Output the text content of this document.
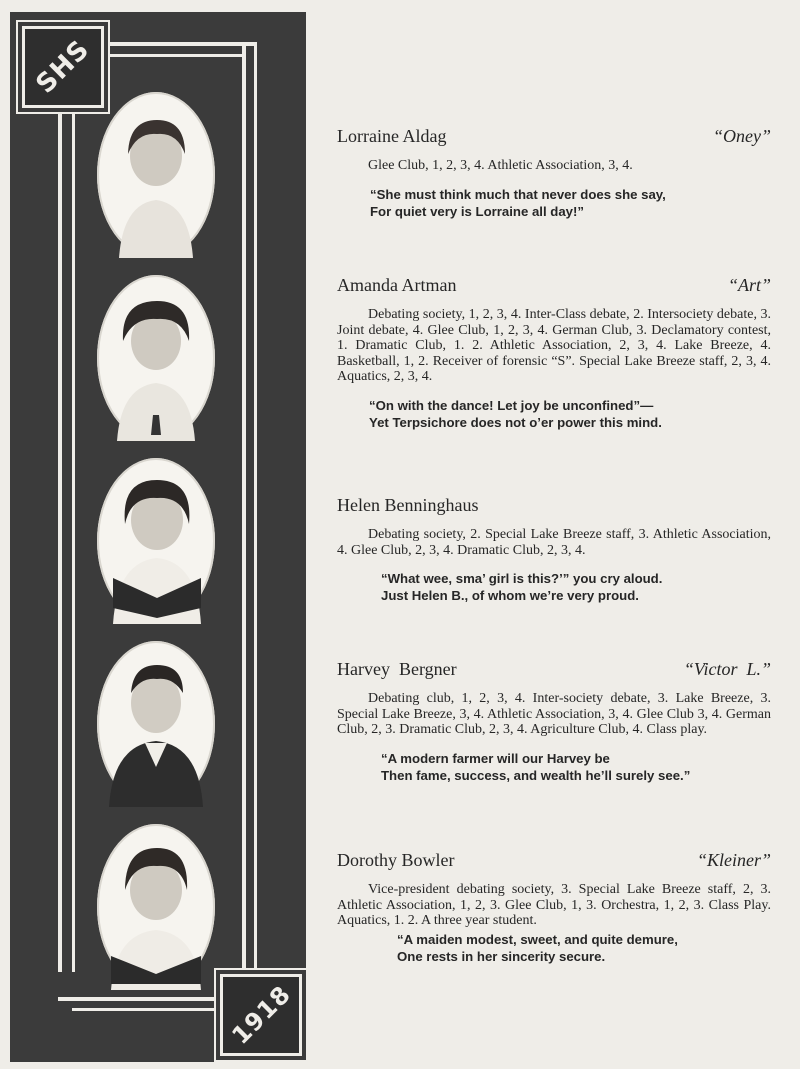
SHS
1918
Lorraine Aldag	“Oney”

Glee Club, 1, 2, 3, 4. Athletic Association, 3, 4.

“She must think much that never does she say,
For quiet very is Lorraine all day!”
Amanda Artman	“Art”

Debating society, 1, 2, 3, 4. Inter-Class debate, 2. Intersociety debate, 3. Joint debate, 4. Glee Club, 1, 2, 3, 4. German Club, 3. Declamatory contest, 1. Dramatic Club, 1. 2. Athletic Association, 2, 3, 4. Lake Breeze, 4. Basketball, 1, 2. Receiver of forensic “S”. Special Lake Breeze staff, 2, 3, 4. Aquatics, 2, 3, 4.

“On with the dance! Let joy be unconfined”—
Yet Terpsichore does not o’er power this mind.
Helen Benninghaus

Debating society, 2. Special Lake Breeze staff, 3. Athletic Association, 4. Glee Club, 2, 3, 4. Dramatic Club, 2, 3, 4.

“What wee, sma’ girl is this?’” you cry aloud.
Just Helen B., of whom we’re very proud.
Harvey  Bergner	“Victor  L.”

Debating club, 1, 2, 3, 4. Inter-society debate, 3. Lake Breeze, 3. Special Lake Breeze, 3, 4. Athletic Association, 3, 4. Glee Club 3, 4. German Club, 2, 3. Dramatic Club, 2, 3, 4. Agriculture Club, 4. Class play.

“A modern farmer will our Harvey be
Then fame, success, and wealth he’ll surely see.”
Dorothy Bowler	“Kleiner”

Vice-president debating society, 3. Special Lake Breeze staff, 2, 3. Athletic Association, 1, 2, 3. Glee Club, 1, 3. Orchestra, 1, 2, 3. Class Play. Aquatics, 1. 2. A three year student.

“A maiden modest, sweet, and quite demure,
One rests in her sincerity secure.
